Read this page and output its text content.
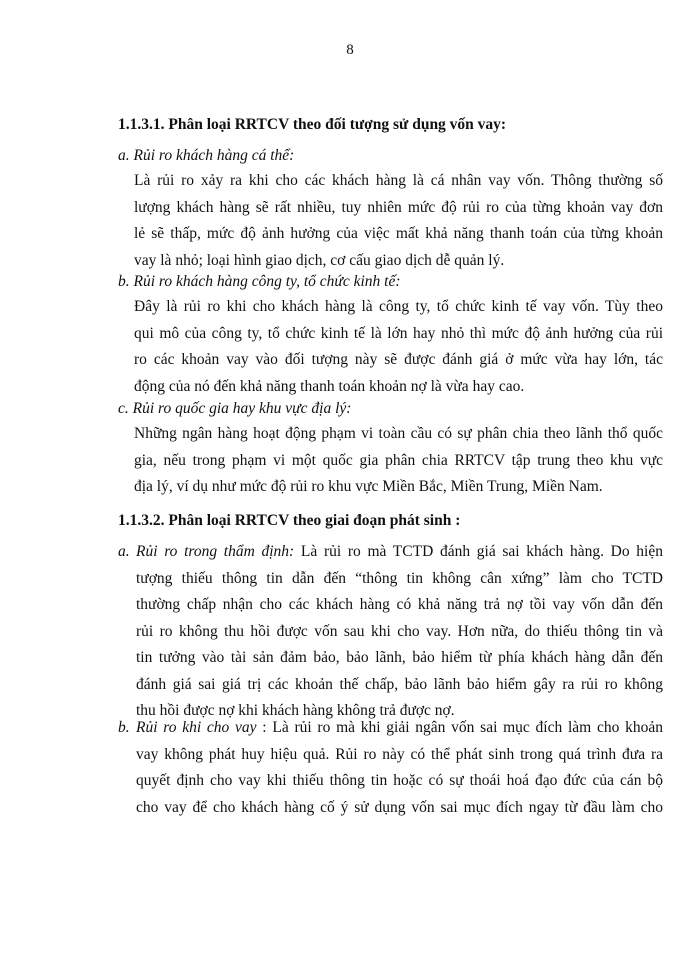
8
1.1.3.1. Phân loại RRTCV theo đối tượng sử dụng vốn vay:
a. Rủi ro khách hàng cá thể:
Là rủi ro xảy ra khi cho các khách hàng là cá nhân vay vốn. Thông thường số
lượng khách hàng sẽ rất nhiều, tuy nhiên mức độ rủi ro của từng khoản vay đơn
lẻ sẽ thấp, mức độ ảnh hưởng của việc mất khả năng thanh toán của từng khoản
vay là nhỏ; loại hình giao dịch, cơ cấu giao dịch dễ quản lý.
b. Rủi ro khách hàng công ty, tổ chức kinh tế:
Đây là rủi ro khi cho khách hàng là công ty, tổ chức kinh tế vay vốn. Tùy theo
qui mô của công ty, tổ chức kinh tế là lớn hay nhỏ thì mức độ ảnh hưởng của rủi
ro các khoản vay vào đối tượng này sẽ được đánh giá ở mức vừa hay lớn, tác
động của nó đến khả năng thanh toán khoản nợ là vừa hay cao.
c. Rủi ro quốc gia hay khu vực địa lý:
Những ngân hàng hoạt động phạm vi toàn cầu có sự phân chia theo lãnh thổ quốc
gia, nếu trong phạm vi một quốc gia phân chia RRTCV tập trung theo khu vực
địa lý, ví dụ như mức độ rủi ro khu vực Miền Bắc, Miền Trung, Miền Nam.
1.1.3.2. Phân loại RRTCV theo giai đoạn phát sinh :
a. Rủi ro trong thẩm định: Là rủi ro mà TCTD đánh giá sai khách hàng. Do hiện
tượng thiếu thông tin dẫn đến “thông tin không cân xứng” làm cho TCTD
thường chấp nhận cho các khách hàng có khả năng trả nợ tồi vay vốn dẫn đến
rủi ro không thu hồi được vốn sau khi cho vay. Hơn nữa, do thiếu thông tin và
tin tưởng vào tài sản đảm bảo, bảo lãnh, bảo hiểm từ phía khách hàng dẫn đến
đánh giá sai giá trị các khoản thế chấp, bảo lãnh bảo hiểm gây ra rủi ro không
thu hồi được nợ khi khách hàng không trả được nợ.
b. Rủi ro khi cho vay : Là rủi ro mà khi giải ngân vốn sai mục đích làm cho khoản
vay không phát huy hiệu quả. Rủi ro này có thể phát sinh trong quá trình đưa ra
quyết định cho vay khi thiếu thông tin hoặc có sự thoái hoá đạo đức của cán bộ
cho vay để cho khách hàng cố ý sử dụng vốn sai mục đích ngay từ đầu làm cho
